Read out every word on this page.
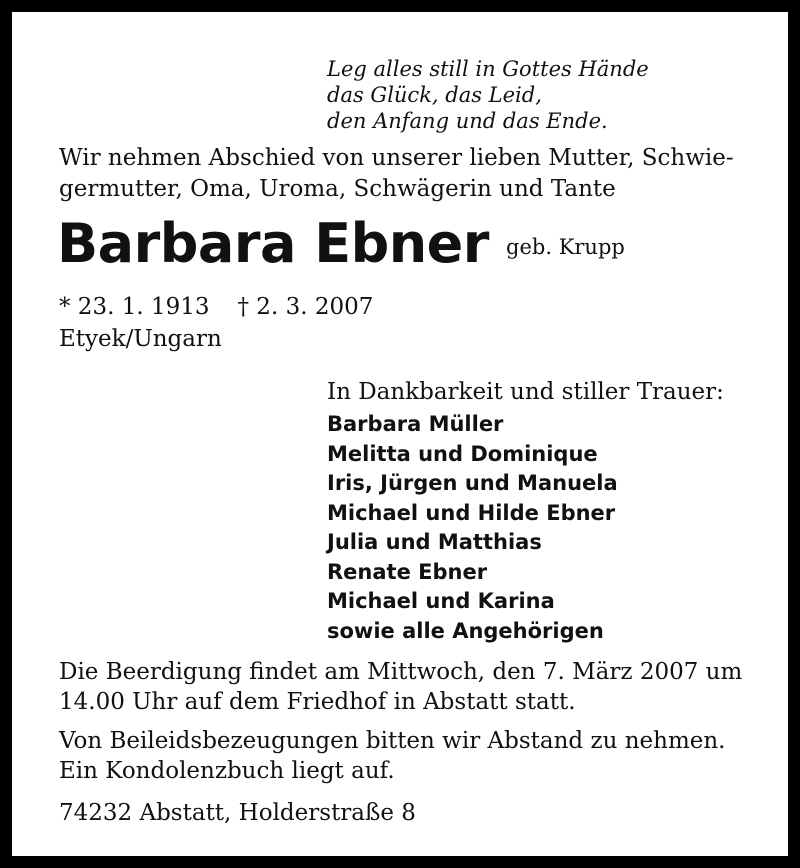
Leg alles still in Gottes Hände
das Glück, das Leid,
den Anfang und das Ende.
Wir nehmen Abschied von unserer lieben Mutter, Schwie-
germutter, Oma, Uroma, Schwägerin und Tante
Barbara Ebner geb. Krupp
* 23. 1. 1913 † 2. 3. 2007
Etyek/Ungarn
In Dankbarkeit und stiller Trauer:
Barbara Müller
Melitta und Dominique
Iris, Jürgen und Manuela
Michael und Hilde Ebner
Julia und Matthias
Renate Ebner
Michael und Karina
sowie alle Angehörigen
Die Beerdigung findet am Mittwoch, den 7. März 2007 um
14.00 Uhr auf dem Friedhof in Abstatt statt.
Von Beileidsbezeugungen bitten wir Abstand zu nehmen.
Ein Kondolenzbuch liegt auf.
74232 Abstatt, Holderstraße 8
